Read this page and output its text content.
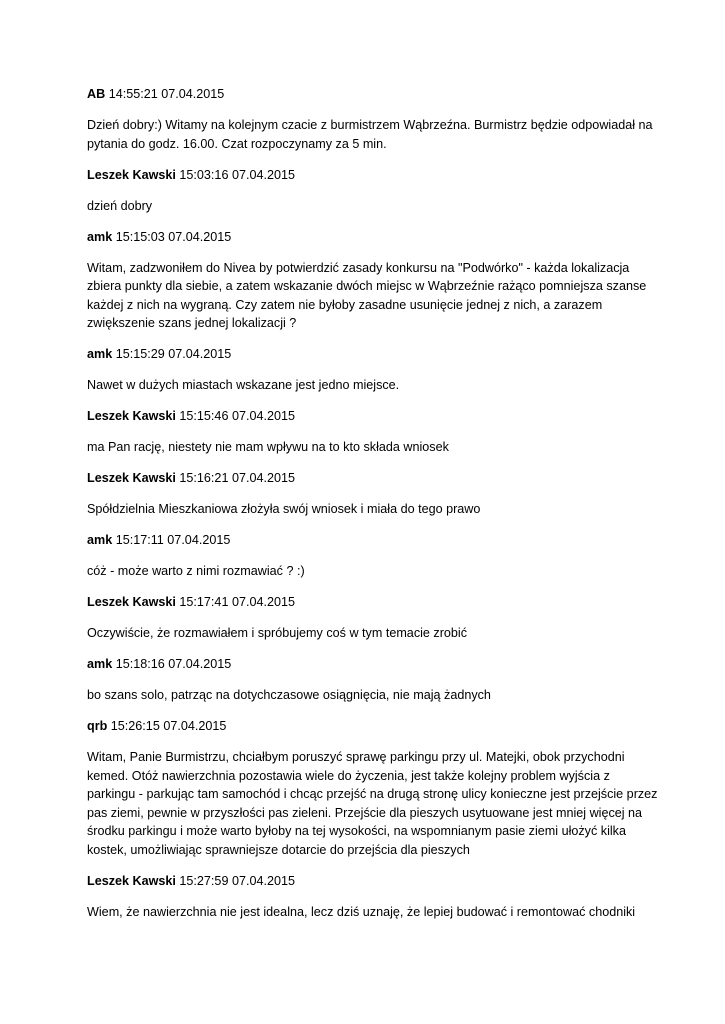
AB 14:55:21 07.04.2015

Dzień dobry:) Witamy na kolejnym czacie z burmistrzem Wąbrzeźna. Burmistrz będzie odpowiadał na
pytania do godz. 16.00. Czat rozpoczynamy za 5 min.

Leszek Kawski 15:03:16 07.04.2015

dzień dobry

amk 15:15:03 07.04.2015

Witam, zadzwoniłem do Nivea by potwierdzić zasady konkursu na "Podwórko" - każda lokalizacja
zbiera punkty dla siebie, a zatem wskazanie dwóch miejsc w Wąbrzeźnie rażąco pomniejsza szanse
każdej z nich na wygraną. Czy zatem nie byłoby zasadne usunięcie jednej z nich, a zarazem
zwiększenie szans jednej lokalizacji ?

amk 15:15:29 07.04.2015

Nawet w dużych miastach wskazane jest jedno miejsce.

Leszek Kawski 15:15:46 07.04.2015

ma Pan rację, niestety nie mam wpływu na to kto składa wniosek

Leszek Kawski 15:16:21 07.04.2015

Spółdzielnia Mieszkaniowa złożyła swój wniosek i miała do tego prawo

amk 15:17:11 07.04.2015

cóż - może warto z nimi rozmawiać ? :)

Leszek Kawski 15:17:41 07.04.2015

Oczywiście, że rozmawiałem i spróbujemy coś w tym temacie zrobić

amk 15:18:16 07.04.2015

bo szans solo, patrząc na dotychczasowe osiągnięcia, nie mają żadnych

qrb 15:26:15 07.04.2015

Witam, Panie Burmistrzu, chciałbym poruszyć sprawę parkingu przy ul. Matejki, obok przychodni
kemed. Otóż nawierzchnia pozostawia wiele do życzenia, jest także kolejny problem wyjścia z
parkingu - parkując tam samochód i chcąc przejść na drugą stronę ulicy konieczne jest przejście przez
pas ziemi, pewnie w przyszłości pas zieleni. Przejście dla pieszych usytuowane jest mniej więcej na
środku parkingu i może warto byłoby na tej wysokości, na wspomnianym pasie ziemi ułożyć kilka
kostek, umożliwiając sprawniejsze dotarcie do przejścia dla pieszych

Leszek Kawski 15:27:59 07.04.2015

Wiem, że nawierzchnia nie jest idealna, lecz dziś uznaję, że lepiej budować i remontować chodniki
